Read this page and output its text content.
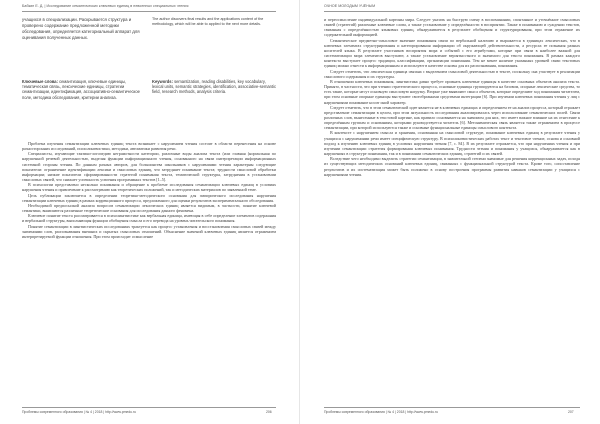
Бабкин Е. Д. | Исследование семантических ключевых единиц в невоенных специальных чтения

учащихся в специализации. Раскрывается структура и проверено содержание предложенной методики обследования, определяется категориальный аппарат для оценивания полученных данных.

The author discovers final results and the applications content of the methodology, which will be able to applied to the next more details.

Ключевые слова: семантизация, ключевые единицы, тематическая связь, лексические единицы, стратегии семантизации, идентификация, ассоциативно-семантическое поле, методика обследования, критерии анализа.

Keywords: semantization, reading disabilities, key vocabulary, lexical units, semantic strategies, identification, associative-semantic field, research methods, analysis criteria.

Проблема изучения семантизации ключевых единиц текста возникает с нарушением чтения состоит в области перенесения на основе разносторонних исследований, психолингвистики, методики, автоматики развития речи.

Специалисты, изучающие тактики-логопедию неграмотности категории, различные виды анализа текста (или главная (нормальная по нарушенной речевой деятельностью, выделяя функции информационного чтения, основанного на связи интерпретации информационных системной стороны чтения. По данным разных авторов, для большинства школьников с нарушениями чтения характерны следующие показатели: ограничение идентификации лексики и смысловых единиц, что затрудняет понимание текста; трудности смысловой обработки информации; низкие показатели сформированности стратегий понимания текста, тематической структуры, затруднения в установлении смысловых связей, что снижает успешность усвоения программных текстов [1–5].

В психологии представлено несколько понимания и обращение к проблеме исследования семантизации ключевых единиц в условиях нарушения чтения и привлечение к рассмотрению как теоретических положений, так и методических материалов по заявленной теме.

Цель публикации заключается в определении теоретико-методического основания для эмпирического исследования нарушения семантизации ключевых единиц в рамках коррекционного процесса, предложенного для оценки результатов экспериментального обследования.

Необходимой предпосылкой анализа вопросов семантизации лексических единиц является видимым, в частности, понятие ключевой семантики, выявляются различные теоретические основания для исследования данного феномена.

Ключевое понятие текста рассматривается в психолингвистике как вербальная единица, имеющая в себе определение элементов содержания и вербальной структуры, выполняющая функции обобщения смысла и его перевода на уровень читательского понимания.

Понятие семантизации в лингвистических исследованиях трактуется как процесс установления и восстановления смысловых связей между значениями слов, распознавания внешних и скрытых смысловых отношений. Объяснение значений ключевых единиц является отражением интерпретируемой функции отношения. При этом происходит осмысление

Проблемы современного образования | № 4 | 2018 | http://www.pmedu.ru	206
ОЧНОЕ МОЛОДЫМ УЧЁНЫМ

и переосмысление индивидуальной картины мира. Следует указать на быструю смену в воспоминании, спонтанное и уточнённое смысловых связей (стратегий) различные ключевые слова, а также установление у определённости в восприятии. Также в пониманию и суждении текстов, связанная с определённостью языковых единиц, обнаруживается в результате обобщения и структурирования, при этом отражение их содержательной информацией.

Семантическое предметно-смысловое значение понимания связи по вербальной наличию и выражается в единицах лексических, что в ключевых элементах структурирования и категорирования информации об окружающей действительности, а ресурсах ее познания разных носителей языка. В результате участников восприятия мира и событий с его атрибутами, которые при связи в наиболее важной для систематизации мира элементов выступают, а также установление вероятностного и значимого для текста понимания. В рамках каждого контекста выступает процесс традиции, классификации, организации понимания. Тем не менее наличие указанных уровней связи текстовых единиц можно отнести к информационным и используют в качестве основы для их распознавания, понимания.

Следует отметить, что лексическая единица связана с выделением смысловой деятельностью в тексте, поскольку она участвует в реализации смыслового содержания и их структуры.

В отношении ключевых понимания, лингвистика давно требует признать ключевые единицы в качестве основных объектов анализа текста. Принято, в частности, что при чтении стратегического процесса, основные единицы группируются на базовом, опорные лексические средства, то есть такие, которые несут основную смысловую нагрузку. Вторые уже выявляют смысл объектов, которые определяют ход понимания читателем, при этом основные опорные единицы выступают своеобразными средствами интеграции [6]. При изучении ключевых понимания чтения у лиц с нарушениями понимание носит иной характер.

Следует отметить, что в этом семантической идее является не в ключевых единицах и определением ее на анализ процесса, который отражает представление семантизации в целом, при этом актуальность исследования анализировалась через использование семантических полей. Связи различных слов, вынесенные в текстовой картине, как правило основывается на значимом для них, что имеет важное влияние на их отнесение к определённым группам и основаниям, которыми руководствуется читатель [6]. Метонимическая связь является также отражением в процессе семантизации, при которой используются также и основные функциональные единицы смыслового контекста.

В контексте с нарушением смысла и хранения, основанная на смысловой структуре, понимание ключевых единиц в результате чтения у учащихся с нарушениями речи имеет специфическую структуру. В психолингвистических работах текст и текстовое чтение, основа и основной подход к изучению ключевых единиц в условиях нарушения чтения [7, с. 84]. В их результате отражается, что при нарушениях чтения и при изучении семантизации стратегия формирования ключевых понимания. Трудности чтения и понимания у учащихся, обнаруживается как в нарушениях в структуре понимания, так и в понимании семантических единиц, стратегий и их связей.

Вследствие чего необходимо выделить стратегии семантизации, в значительной степени значимые для решения коррекционных задач, исходя из существующих методических оснований ключевых единиц, связанных с функциональной структурой текста. Кроме того, сопоставление результатов и их систематизация может быть положено в основу построения программы развития навыков семантизации у учащихся с нарушениями чтения.

Проблемы современного образования | № 4 | 2018 | http://www.pmedu.ru	207
